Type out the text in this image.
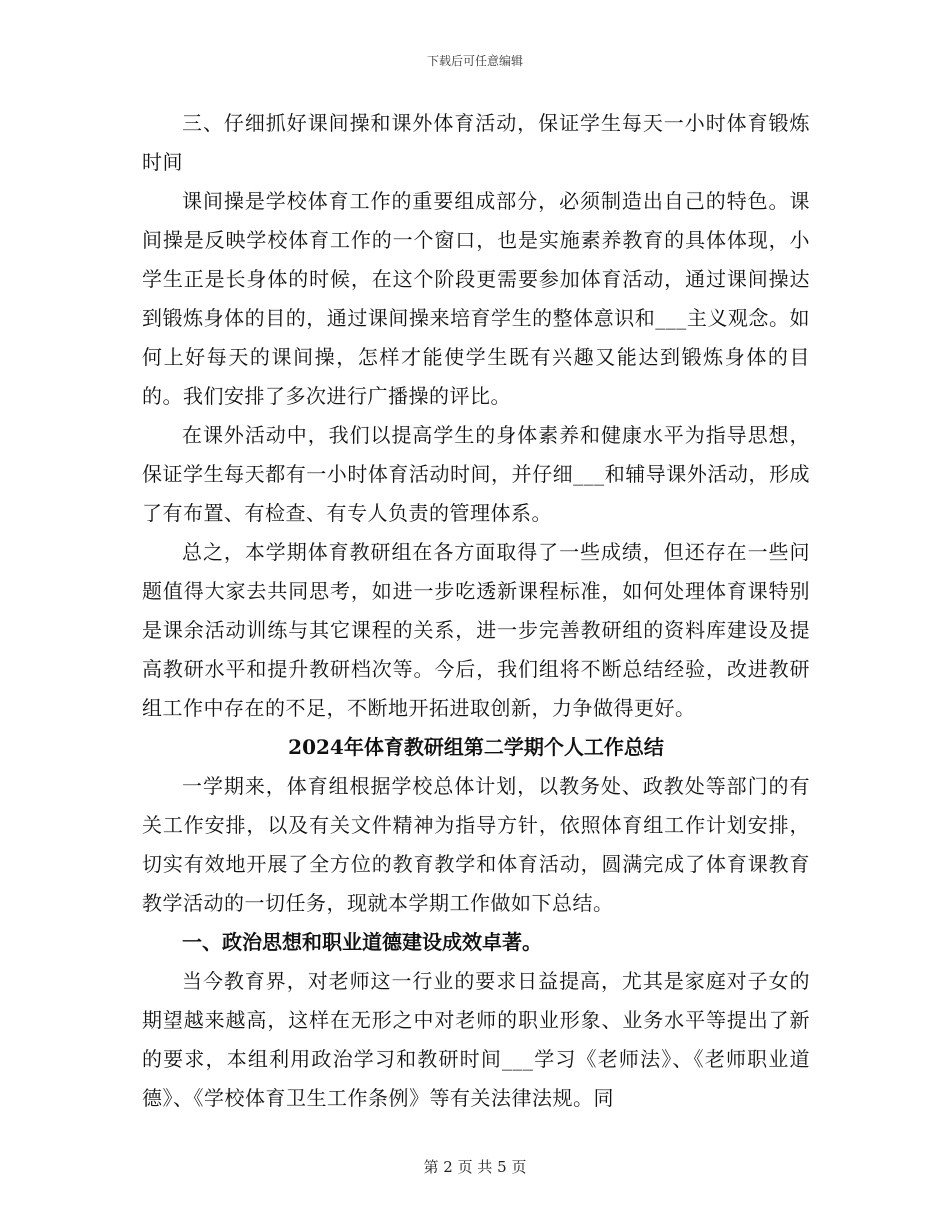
下载后可任意编辑

三、仔细抓好课间操和课外体育活动，保证学生每天一小时体育锻炼时间

课间操是学校体育工作的重要组成部分，必须制造出自己的特色。课间操是反映学校体育工作的一个窗口，也是实施素养教育的具体体现，小学生正是长身体的时候，在这个阶段更需要参加体育活动，通过课间操达到锻炼身体的目的，通过课间操来培育学生的整体意识和___主义观念。如何上好每天的课间操，怎样才能使学生既有兴趣又能达到锻炼身体的目的。我们安排了多次进行广播操的评比。

在课外活动中，我们以提高学生的身体素养和健康水平为指导思想，保证学生每天都有一小时体育活动时间，并仔细___和辅导课外活动，形成了有布置、有检查、有专人负责的管理体系。

总之，本学期体育教研组在各方面取得了一些成绩，但还存在一些问题值得大家去共同思考，如进一步吃透新课程标准，如何处理体育课特别是课余活动训练与其它课程的关系，进一步完善教研组的资料库建设及提高教研水平和提升教研档次等。今后，我们组将不断总结经验，改进教研组工作中存在的不足，不断地开拓进取创新，力争做得更好。

2024年体育教研组第二学期个人工作总结

一学期来，体育组根据学校总体计划，以教务处、政教处等部门的有关工作安排，以及有关文件精神为指导方针，依照体育组工作计划安排，切实有效地开展了全方位的教育教学和体育活动，圆满完成了体育课教育教学活动的一切任务，现就本学期工作做如下总结。

一、政治思想和职业道德建设成效卓著。

当今教育界，对老师这一行业的要求日益提高，尤其是家庭对子女的期望越来越高，这样在无形之中对老师的职业形象、业务水平等提出了新的要求，本组利用政治学习和教研时间___学习《老师法》、《老师职业道德》、《学校体育卫生工作条例》等有关法律法规。同

第 2 页 共 5 页
